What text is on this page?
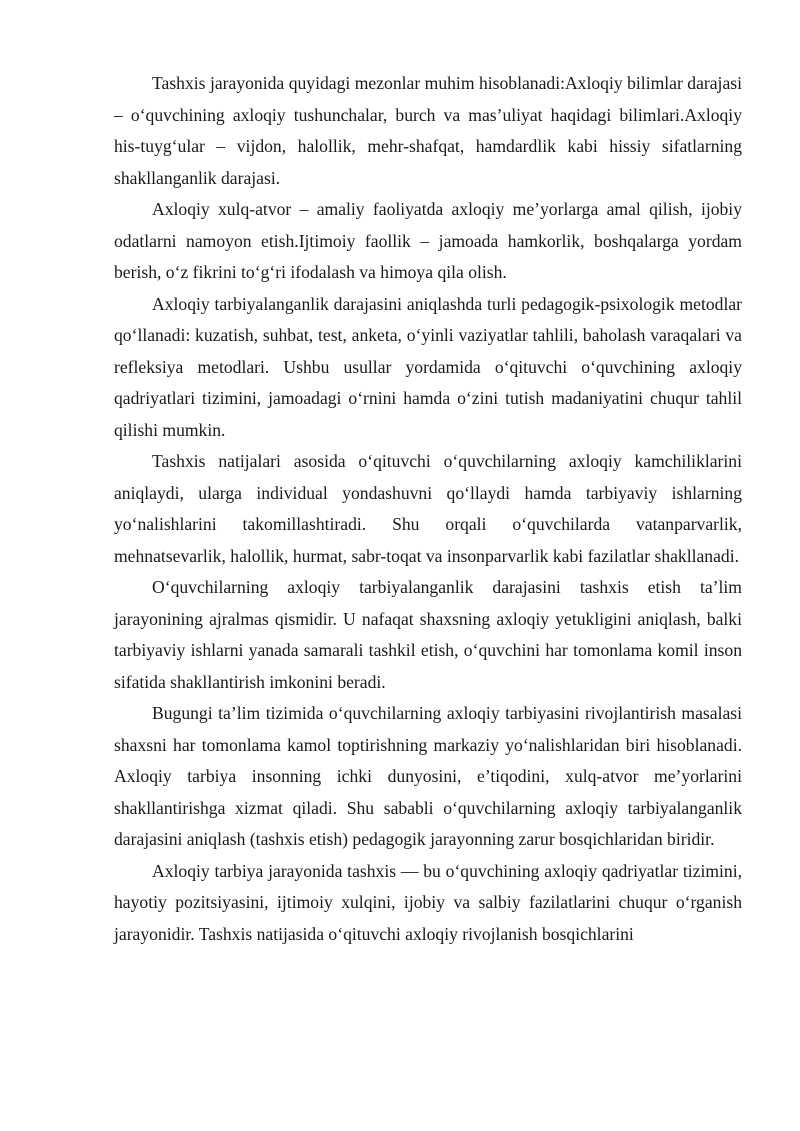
Tashxis jarayonida quyidagi mezonlar muhim hisoblanadi:Axloqiy bilimlar darajasi – o‘quvchining axloqiy tushunchalar, burch va mas’uliyat haqidagi bilimlari.Axloqiy his-tuyg‘ular – vijdon, halollik, mehr-shafqat, hamdardlik kabi hissiy sifatlarning shakllanganlik darajasi.

Axloqiy xulq-atvor – amaliy faoliyatda axloqiy me’yorlarga amal qilish, ijobiy odatlarni namoyon etish.Ijtimoiy faollik – jamoada hamkorlik, boshqalarga yordam berish, o‘z fikrini to‘g‘ri ifodalash va himoya qila olish.

Axloqiy tarbiyalanganlik darajasini aniqlashda turli pedagogik-psixologik metodlar qo‘llanadi: kuzatish, suhbat, test, anketa, o‘yinli vaziyatlar tahlili, baholash varaqalari va refleksiya metodlari. Ushbu usullar yordamida o‘qituvchi o‘quvchining axloqiy qadriyatlari tizimini, jamoadagi o‘rnini hamda o‘zini tutish madaniyatini chuqur tahlil qilishi mumkin.

Tashxis natijalari asosida o‘qituvchi o‘quvchilarning axloqiy kamchiliklarini aniqlaydi, ularga individual yondashuvni qo‘llaydi hamda tarbiyaviy ishlarning yo‘nalishlarini takomillashtiradi. Shu orqali o‘quvchilarda vatanparvarlik, mehnatsevarlik, halollik, hurmat, sabr-toqat va insonparvarlik kabi fazilatlar shakllanadi.

O‘quvchilarning axloqiy tarbiyalanganlik darajasini tashxis etish ta’lim jarayonining ajralmas qismidir. U nafaqat shaxsning axloqiy yetukligini aniqlash, balki tarbiyaviy ishlarni yanada samarali tashkil etish, o‘quvchini har tomonlama komil inson sifatida shakllantirish imkonini beradi.

Bugungi ta’lim tizimida o‘quvchilarning axloqiy tarbiyasini rivojlantirish masalasi shaxsni har tomonlama kamol toptirishning markaziy yo‘nalishlaridan biri hisoblanadi. Axloqiy tarbiya insonning ichki dunyosini, e’tiqodini, xulq-atvor me’yorlarini shakllantirishga xizmat qiladi. Shu sababli o‘quvchilarning axloqiy tarbiyalanganlik darajasini aniqlash (tashxis etish) pedagogik jarayonning zarur bosqichlaridan biridir.

Axloqiy tarbiya jarayonida tashxis — bu o‘quvchining axloqiy qadriyatlar tizimini, hayotiy pozitsiyasini, ijtimoiy xulqini, ijobiy va salbiy fazilatlarini chuqur o‘rganish jarayonidir. Tashxis natijasida o‘qituvchi axloqiy rivojlanish bosqichlarini
